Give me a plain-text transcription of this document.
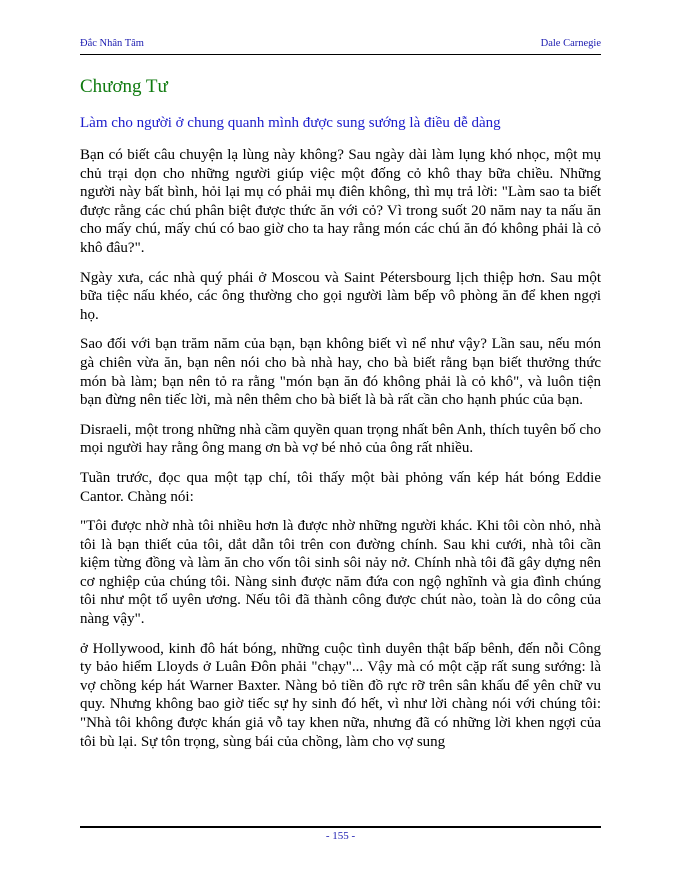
Đắc Nhân Tâm	Dale Carnegie
Chương Tư
Làm cho người ở chung quanh mình được sung sướng là điều dễ dàng

Bạn có biết câu chuyện lạ lùng này không? Sau ngày dài làm lụng khó nhọc, một mụ chủ trại dọn cho những người giúp việc một đống cỏ khô thay bữa chiều. Những người này bất bình, hỏi lại mụ có phải mụ điên không, thì mụ trả lời: "Làm sao ta biết được rằng các chú phân biệt được thức ăn với cỏ? Vì trong suốt 20 năm nay ta nấu ăn cho mấy chú, mấy chú có bao giờ cho ta hay rằng món các chú ăn đó không phải là cỏ khô đâu?".

Ngày xưa, các nhà quý phái ở Moscou và Saint Pétersbourg lịch thiệp hơn. Sau một bữa tiệc nấu khéo, các ông thường cho gọi người làm bếp vô phòng ăn để khen ngợi họ.

Sao đối với bạn trăm năm của bạn, bạn không biết vì nể như vậy? Lần sau, nếu món gà chiên vừa ăn, bạn nên nói cho bà nhà hay, cho bà biết rằng bạn biết thưởng thức món bà làm; bạn nên tỏ ra rằng "món bạn ăn đó không phải là cỏ khô", và luôn tiện bạn đừng nên tiếc lời, mà nên thêm cho bà biết là bà rất cần cho hạnh phúc của bạn.

Disraeli, một trong những nhà cầm quyền quan trọng nhất bên Anh, thích tuyên bố cho mọi người hay rằng ông mang ơn bà vợ bé nhỏ của ông rất nhiều.

Tuần trước, đọc qua một tạp chí, tôi thấy một bài phỏng vấn kép hát bóng Eddie Cantor. Chàng nói:

"Tôi được nhờ nhà tôi nhiều hơn là được nhờ những người khác. Khi tôi còn nhỏ, nhà tôi là bạn thiết của tôi, dắt dẫn tôi trên con đường chính. Sau khi cưới, nhà tôi cần kiệm từng đồng và làm ăn cho vốn tôi sinh sôi nảy nở. Chính nhà tôi đã gây dựng nên cơ nghiệp của chúng tôi. Nàng sinh được năm đứa con ngộ nghĩnh và gia đình chúng tôi như một tổ uyên ương. Nếu tôi đã thành công được chút nào, toàn là do công của nàng vậy".

ở Hollywood, kinh đô hát bóng, những cuộc tình duyên thật bấp bênh, đến nỗi Công ty bảo hiểm Lloyds ở Luân Đôn phải "chạy"... Vậy mà có một cặp rất sung sướng: là vợ chồng kép hát Warner Baxter. Nàng bỏ tiền đồ rực rỡ trên sân khấu để yên chữ vu quy. Nhưng không bao giờ tiếc sự hy sinh đó hết, vì như lời chàng nói với chúng tôi: "Nhà tôi không được khán giả vỗ tay khen nữa, nhưng đã có những lời khen ngợi của tôi bù lại. Sự tôn trọng, sùng bái của chồng, làm cho vợ sung

- 155 -
